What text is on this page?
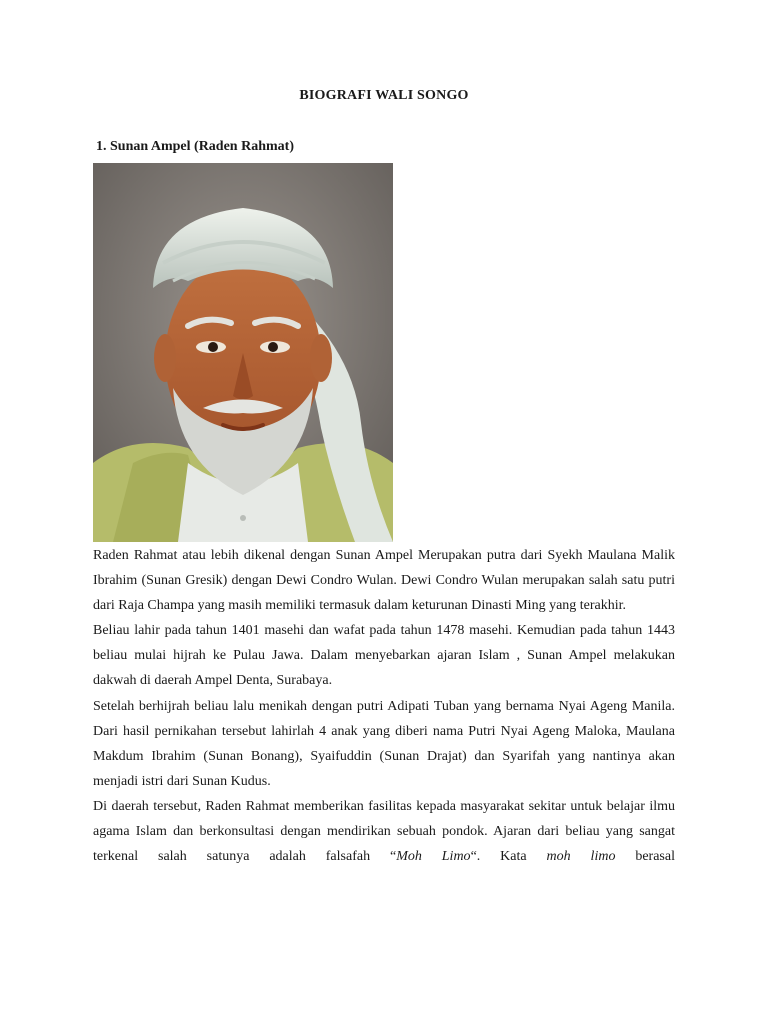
BIOGRAFI WALI SONGO
1. Sunan Ampel (Raden Rahmat)

Raden Rahmat atau lebih dikenal dengan Sunan Ampel Merupakan putra dari Syekh Maulana Malik Ibrahim (Sunan Gresik) dengan Dewi Condro Wulan. Dewi Condro Wulan merupakan salah satu putri dari Raja Champa yang masih memiliki termasuk dalam keturunan Dinasti Ming yang terakhir.

Beliau lahir pada tahun 1401 masehi dan wafat pada tahun 1478 masehi. Kemudian pada tahun 1443 beliau mulai hijrah ke Pulau Jawa. Dalam menyebarkan ajaran Islam , Sunan Ampel melakukan dakwah di daerah Ampel Denta, Surabaya.

Setelah berhijrah beliau lalu menikah dengan putri Adipati Tuban yang bernama Nyai Ageng Manila. Dari hasil pernikahan tersebut lahirlah 4 anak yang diberi nama Putri Nyai Ageng Maloka, Maulana Makdum Ibrahim (Sunan Bonang), Syaifuddin (Sunan Drajat) dan Syarifah yang nantinya akan menjadi istri dari Sunan Kudus.

Di daerah tersebut, Raden Rahmat memberikan fasilitas kepada masyarakat sekitar untuk belajar ilmu agama Islam dan berkonsultasi dengan mendirikan sebuah pondok. Ajaran dari beliau yang sangat terkenal salah satunya adalah falsafah “Moh Limo“. Kata moh limo berasal
